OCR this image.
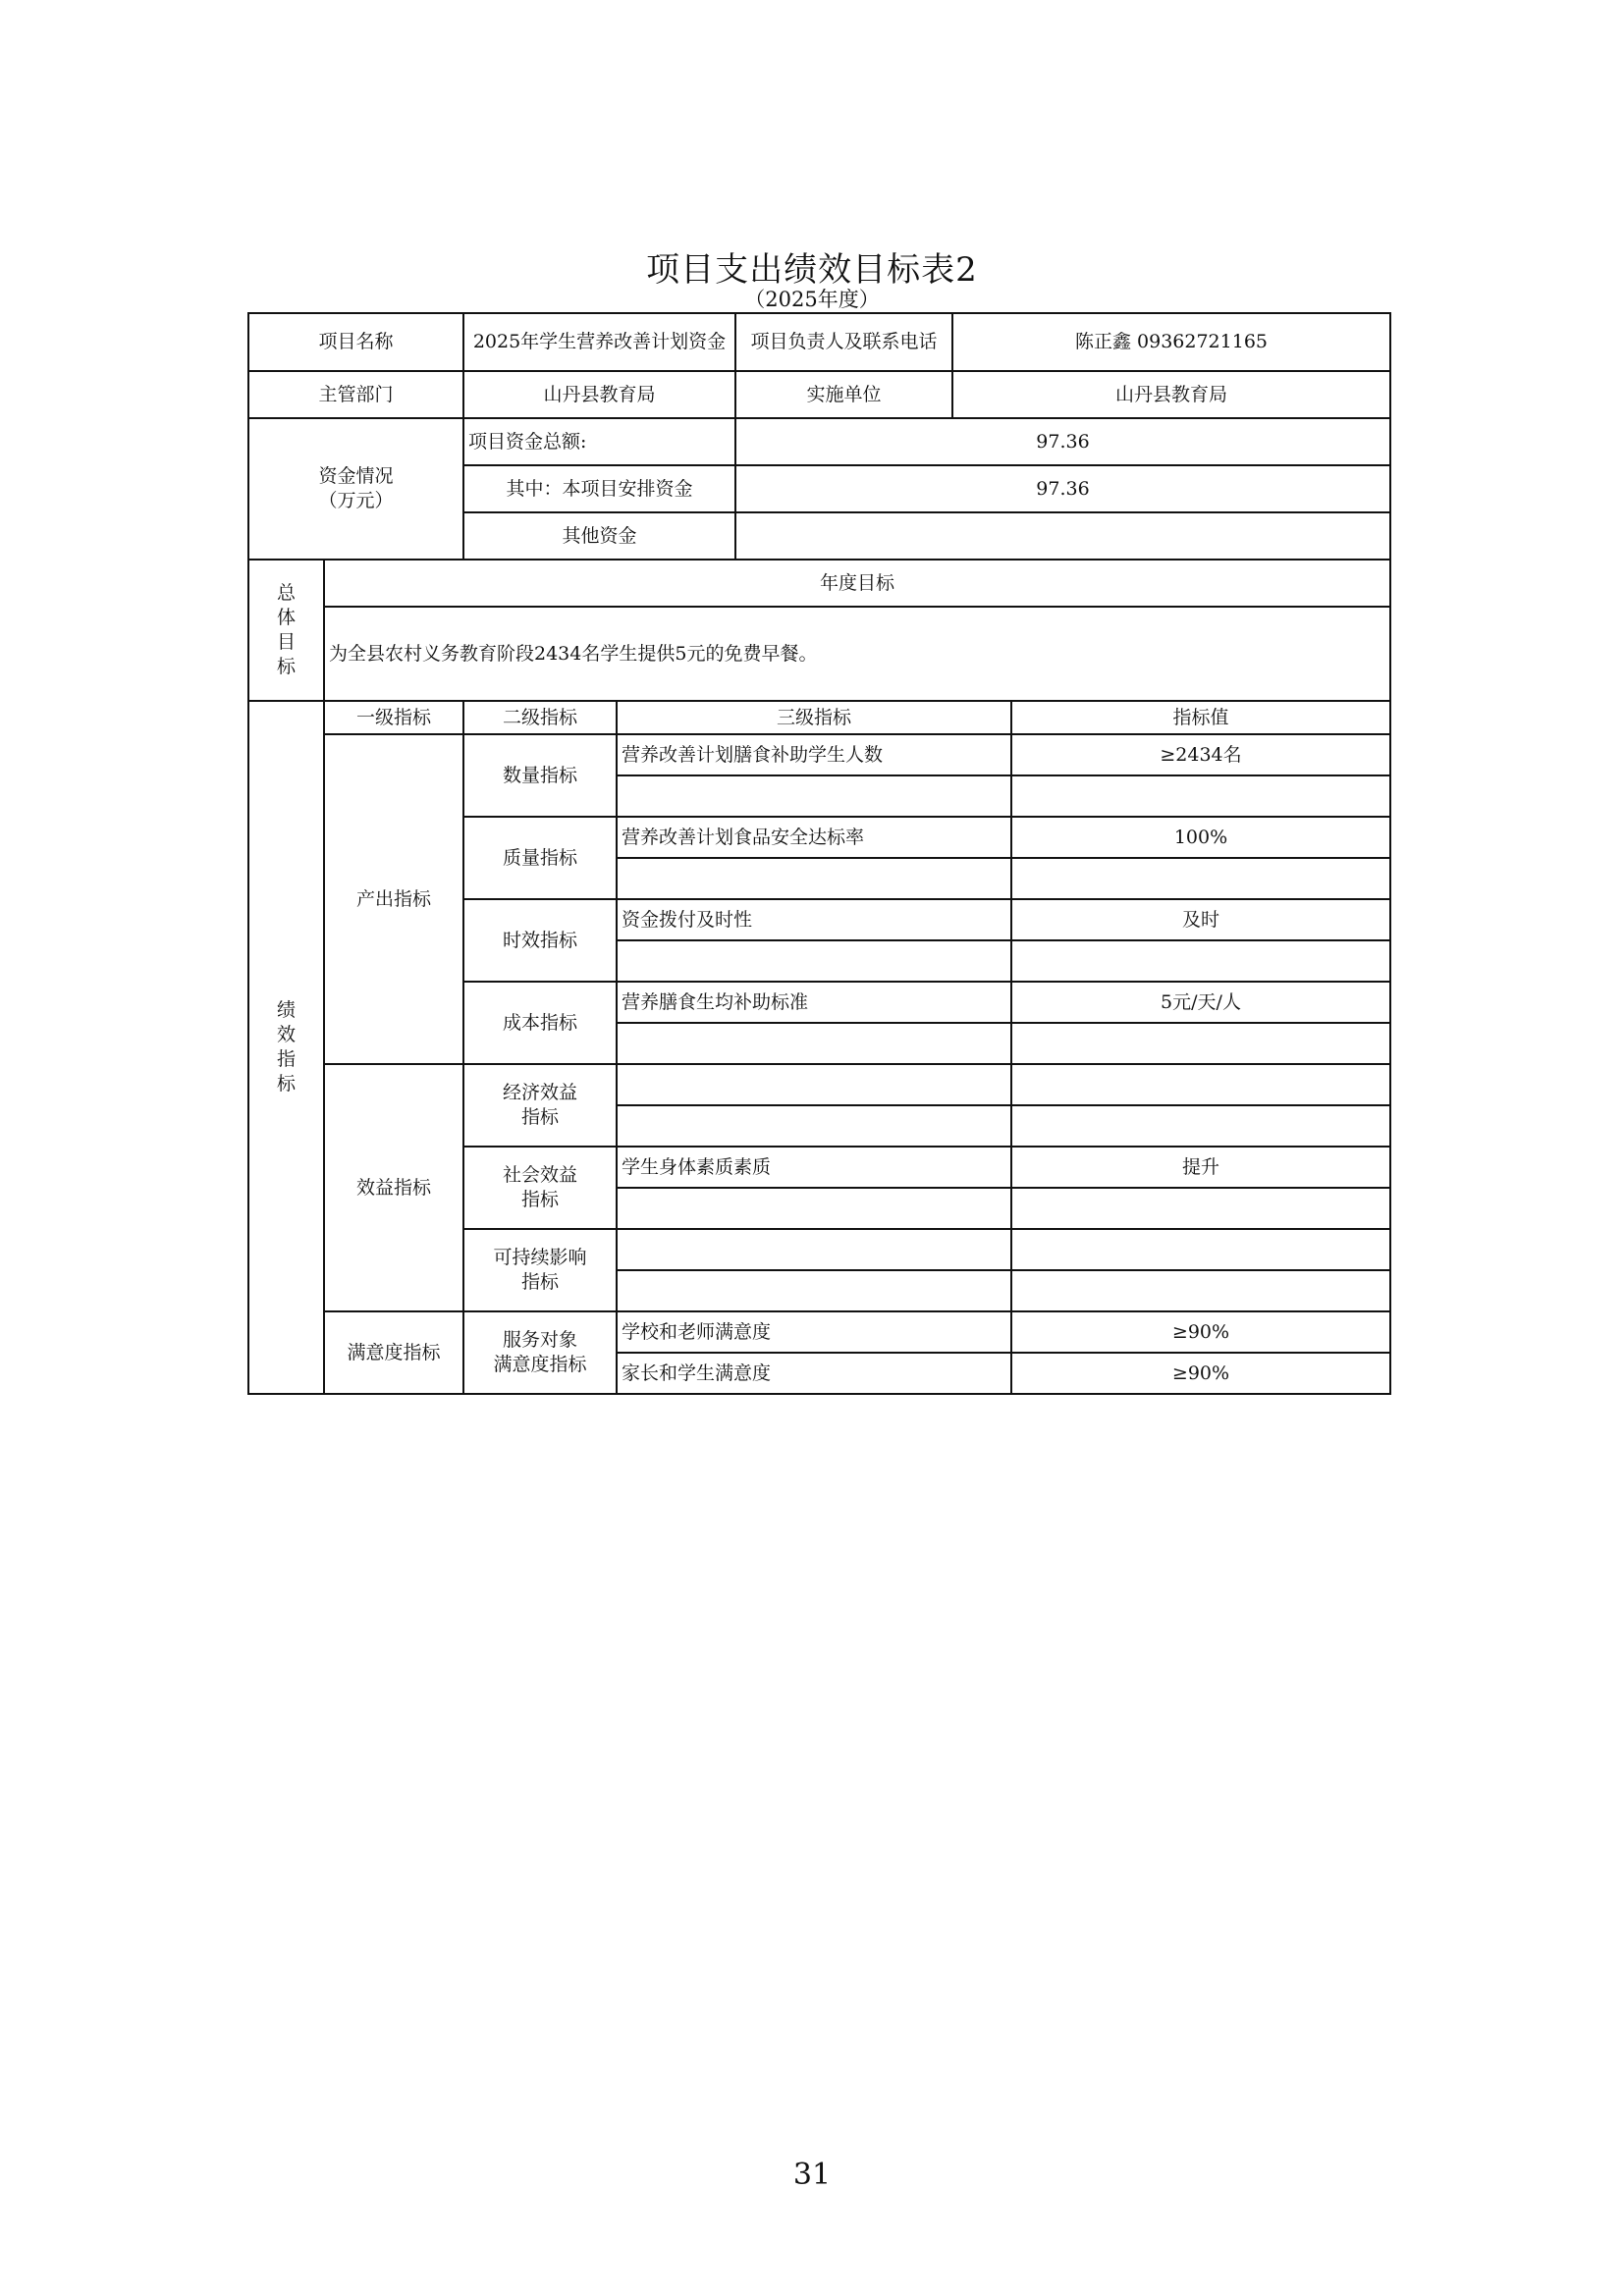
项目支出绩效目标表2
（2025年度）
项目名称		2025年学生营养改善计划资金	项目负责人及联系电话	陈正鑫 09362721165
主管部门		山丹县教育局	实施单位	山丹县教育局

资金情况
（万元）		项目资金总额:	97.36	
		其中：本项目安排资金	97.36	
		其他资金		

总
体
目
标	年度目标			
	为全县农村义务教育阶段2434名学生提供5元的免费早餐。			
绩
效
指
标	一级指标	二级指标	三级指标	指标值
	产出指标	数量指标	营养改善计划膳食补助学生人数	≥2434名

		质量指标	营养改善计划食品安全达标率	100%

		时效指标	资金拨付及时性	及时

		成本指标	营养膳食生均补助标准	5元/天/人

	效益指标	经济效益
指标		

		社会效益
指标	学生身体素质素质	提升

		可持续影响
指标		

	满意度指标	服务对象
满意度指标	学校和老师满意度	≥90%
			家长和学生满意度	≥90%
31
